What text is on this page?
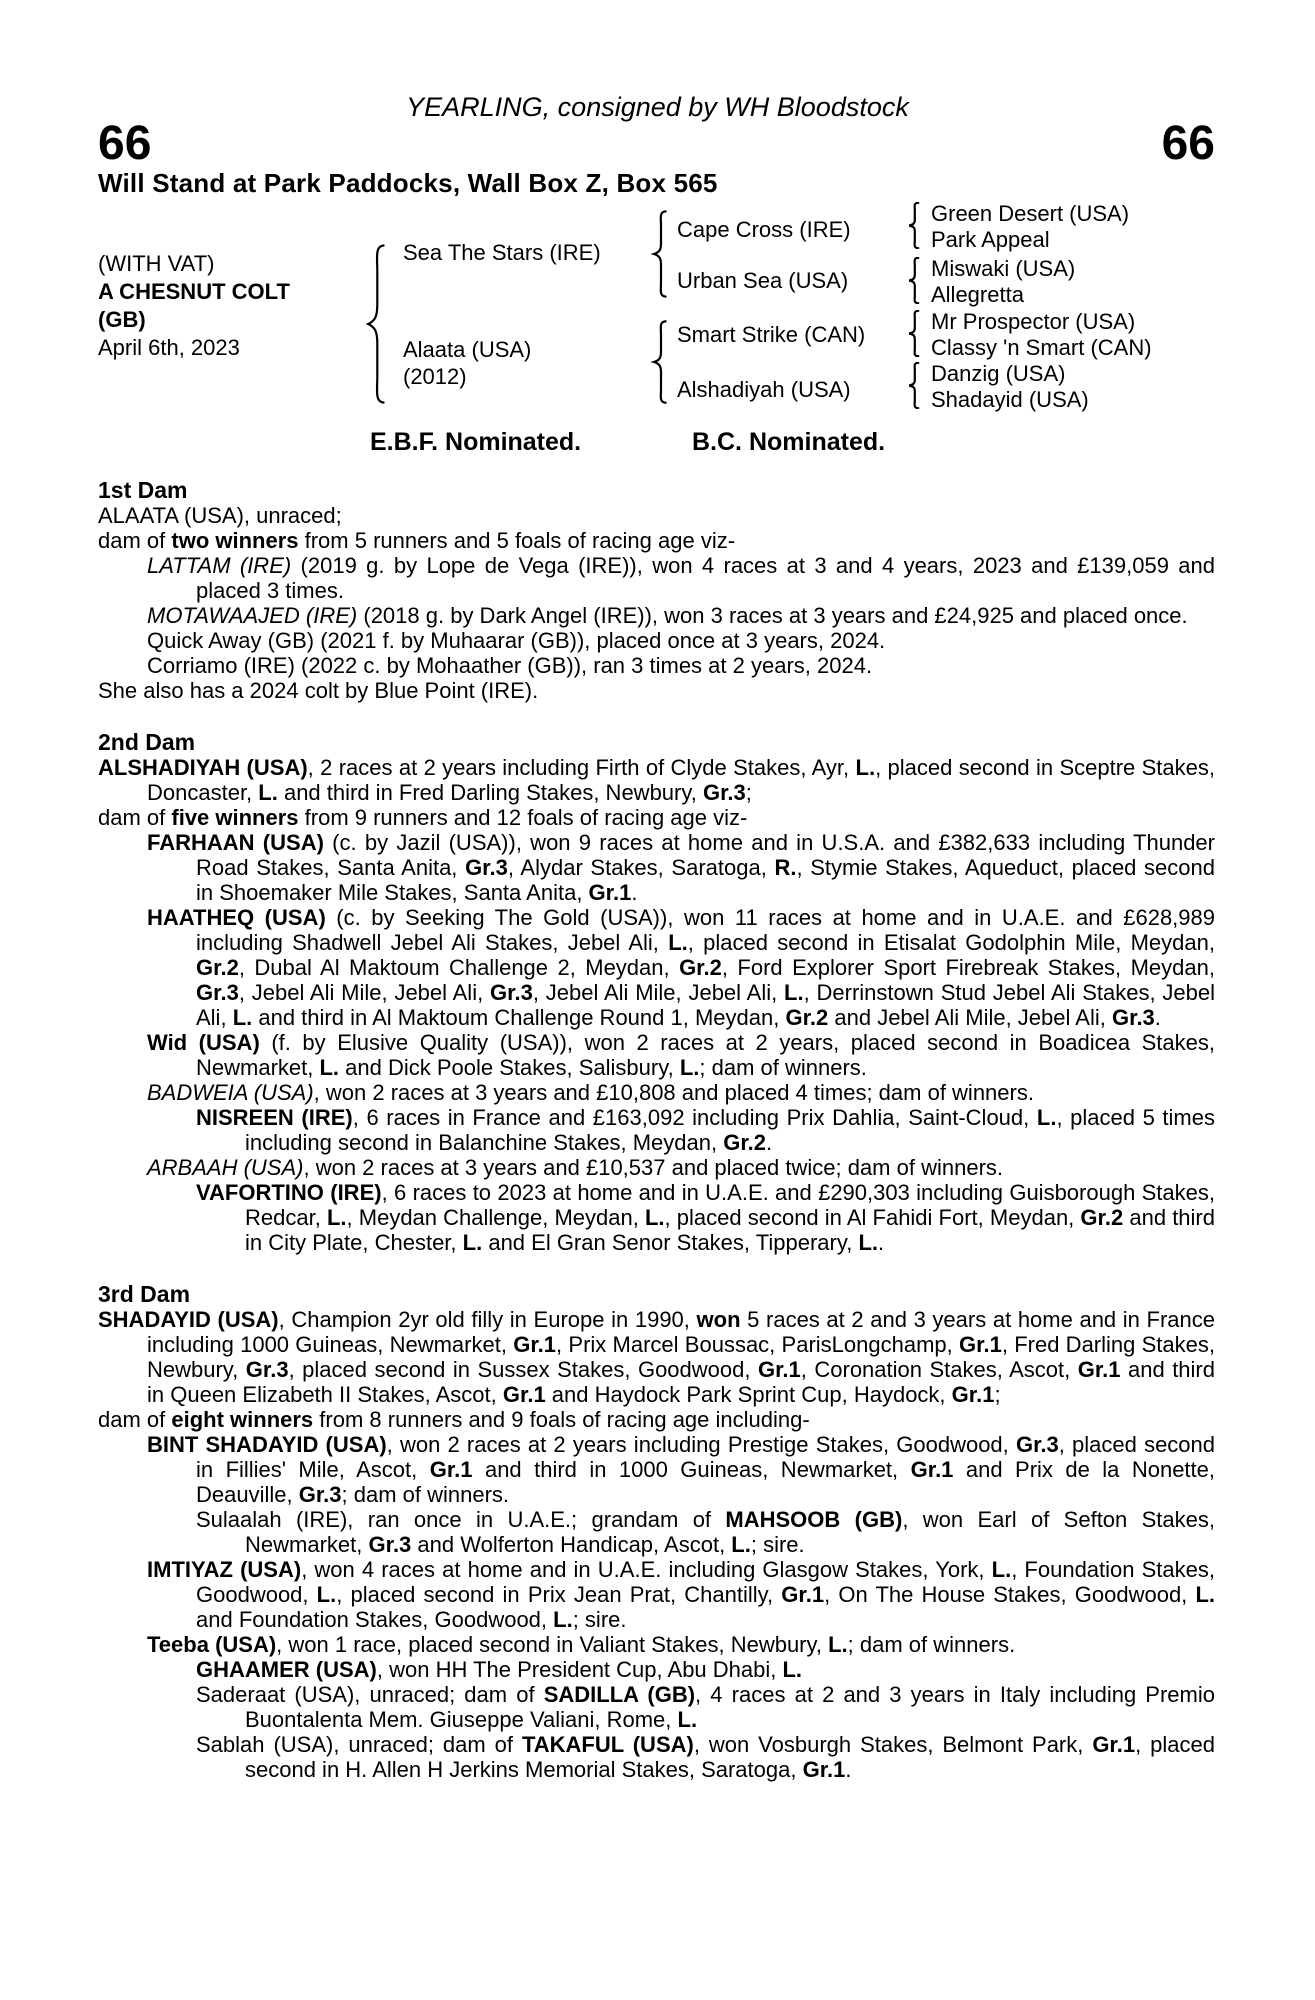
YEARLING, consigned by WH Bloodstock
66	66
Will Stand at Park Paddocks, Wall Box Z, Box 565
(WITH VAT)
A CHESNUT COLT
(GB)
April 6th, 2023
Sea The Stars (IRE)
Alaata (USA)
(2012)
Cape Cross (IRE)
Urban Sea (USA)
Smart Strike (CAN)
Alshadiyah (USA)
Green Desert (USA)
Park Appeal
Miswaki (USA)
Allegretta
Mr Prospector (USA)
Classy 'n Smart (CAN)
Danzig (USA)
Shadayid (USA)
E.B.F. Nominated.	B.C. Nominated.
1st Dam

ALAATA (USA), unraced;

dam of two winners from 5 runners and 5 foals of racing age viz-

LATTAM (IRE) (2019 g. by Lope de Vega (IRE)), won 4 races at 3 and 4 years, 2023 and £139,059 and placed 3 times.

MOTAWAAJED (IRE) (2018 g. by Dark Angel (IRE)), won 3 races at 3 years and £24,925 and placed once.

Quick Away (GB) (2021 f. by Muhaarar (GB)), placed once at 3 years, 2024.

Corriamo (IRE) (2022 c. by Mohaather (GB)), ran 3 times at 2 years, 2024.

She also has a 2024 colt by Blue Point (IRE).

2nd Dam

ALSHADIYAH (USA), 2 races at 2 years including Firth of Clyde Stakes, Ayr, L., placed second in Sceptre Stakes, Doncaster, L. and third in Fred Darling Stakes, Newbury, Gr.3;

dam of five winners from 9 runners and 12 foals of racing age viz-

FARHAAN (USA) (c. by Jazil (USA)), won 9 races at home and in U.S.A. and £382,633 including Thunder Road Stakes, Santa Anita, Gr.3, Alydar Stakes, Saratoga, R., Stymie Stakes, Aqueduct, placed second in Shoemaker Mile Stakes, Santa Anita, Gr.1.

HAATHEQ (USA) (c. by Seeking The Gold (USA)), won 11 races at home and in U.A.E. and £628,989 including Shadwell Jebel Ali Stakes, Jebel Ali, L., placed second in Etisalat Godolphin Mile, Meydan, Gr.2, Dubal Al Maktoum Challenge 2, Meydan, Gr.2, Ford Explorer Sport Firebreak Stakes, Meydan, Gr.3, Jebel Ali Mile, Jebel Ali, Gr.3, Jebel Ali Mile, Jebel Ali, L., Derrinstown Stud Jebel Ali Stakes, Jebel Ali, L. and third in Al Maktoum Challenge Round 1, Meydan, Gr.2 and Jebel Ali Mile, Jebel Ali, Gr.3.

Wid (USA) (f. by Elusive Quality (USA)), won 2 races at 2 years, placed second in Boadicea Stakes, Newmarket, L. and Dick Poole Stakes, Salisbury, L.; dam of winners.

BADWEIA (USA), won 2 races at 3 years and £10,808 and placed 4 times; dam of winners.

NISREEN (IRE), 6 races in France and £163,092 including Prix Dahlia, Saint-Cloud, L., placed 5 times including second in Balanchine Stakes, Meydan, Gr.2.

ARBAAH (USA), won 2 races at 3 years and £10,537 and placed twice; dam of winners.

VAFORTINO (IRE), 6 races to 2023 at home and in U.A.E. and £290,303 including Guisborough Stakes, Redcar, L., Meydan Challenge, Meydan, L., placed second in Al Fahidi Fort, Meydan, Gr.2 and third in City Plate, Chester, L. and El Gran Senor Stakes, Tipperary, L..

3rd Dam

SHADAYID (USA), Champion 2yr old filly in Europe in 1990, won 5 races at 2 and 3 years at home and in France including 1000 Guineas, Newmarket, Gr.1, Prix Marcel Boussac, ParisLongchamp, Gr.1, Fred Darling Stakes, Newbury, Gr.3, placed second in Sussex Stakes, Goodwood, Gr.1, Coronation Stakes, Ascot, Gr.1 and third in Queen Elizabeth II Stakes, Ascot, Gr.1 and Haydock Park Sprint Cup, Haydock, Gr.1;

dam of eight winners from 8 runners and 9 foals of racing age including-

BINT SHADAYID (USA), won 2 races at 2 years including Prestige Stakes, Goodwood, Gr.3, placed second in Fillies' Mile, Ascot, Gr.1 and third in 1000 Guineas, Newmarket, Gr.1 and Prix de la Nonette, Deauville, Gr.3; dam of winners.

Sulaalah (IRE), ran once in U.A.E.; grandam of MAHSOOB (GB), won Earl of Sefton Stakes, Newmarket, Gr.3 and Wolferton Handicap, Ascot, L.; sire.

IMTIYAZ (USA), won 4 races at home and in U.A.E. including Glasgow Stakes, York, L., Foundation Stakes, Goodwood, L., placed second in Prix Jean Prat, Chantilly, Gr.1, On The House Stakes, Goodwood, L. and Foundation Stakes, Goodwood, L.; sire.

Teeba (USA), won 1 race, placed second in Valiant Stakes, Newbury, L.; dam of winners.

GHAAMER (USA), won HH The President Cup, Abu Dhabi, L.

Saderaat (USA), unraced; dam of SADILLA (GB), 4 races at 2 and 3 years in Italy including Premio Buontalenta Mem. Giuseppe Valiani, Rome, L.

Sablah (USA), unraced; dam of TAKAFUL (USA), won Vosburgh Stakes, Belmont Park, Gr.1, placed second in H. Allen H Jerkins Memorial Stakes, Saratoga, Gr.1.
